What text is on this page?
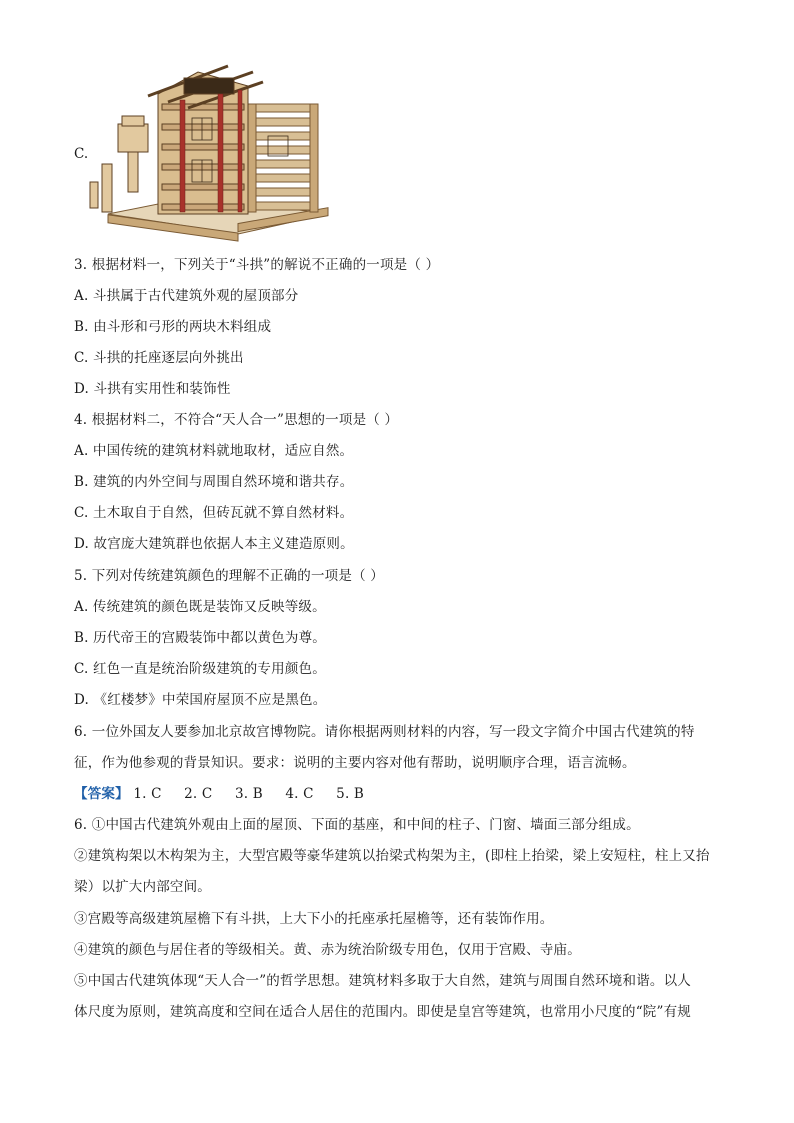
C.
3. 根据材料一，下列关于“斗拱”的解说不正确的一项是（ ）
A. 斗拱属于古代建筑外观的屋顶部分
B. 由斗形和弓形的两块木料组成
C. 斗拱的托座逐层向外挑出
D. 斗拱有实用性和装饰性
4. 根据材料二，不符合“天人合一”思想的一项是（ ）
A. 中国传统的建筑材料就地取材，适应自然。
B. 建筑的内外空间与周围自然环境和谐共存。
C. 土木取自于自然，但砖瓦就不算自然材料。
D. 故宫庞大建筑群也依据人本主义建造原则。
5. 下列对传统建筑颜色的理解不正确的一项是（ ）
A. 传统建筑的颜色既是装饰又反映等级。
B. 历代帝王的宫殿装饰中都以黄色为尊。
C. 红色一直是统治阶级建筑的专用颜色。
D. 《红楼梦》中荣国府屋顶不应是黑色。
6. 一位外国友人要参加北京故宫博物院。请你根据两则材料的内容，写一段文字简介中国古代建筑的特
征，作为他参观的背景知识。要求：说明的主要内容对他有帮助，说明顺序合理，语言流畅。
【答案】 1. C 2. C 3. B 4. C 5. B
6. ①中国古代建筑外观由上面的屋顶、下面的基座，和中间的柱子、门窗、墙面三部分组成。
②建筑构架以木构架为主，大型宫殿等豪华建筑以抬梁式构架为主，(即柱上抬梁，梁上安短柱，柱上又抬
梁）以扩大内部空间。
③宫殿等高级建筑屋檐下有斗拱，上大下小的托座承托屋檐等，还有装饰作用。
④建筑的颜色与居住者的等级相关。黄、赤为统治阶级专用色，仅用于宫殿、寺庙。
⑤中国古代建筑体现“天人合一”的哲学思想。建筑材料多取于大自然，建筑与周围自然环境和谐。以人
体尺度为原则，建筑高度和空间在适合人居住的范围内。即使是皇宫等建筑，也常用小尺度的“院”有规
